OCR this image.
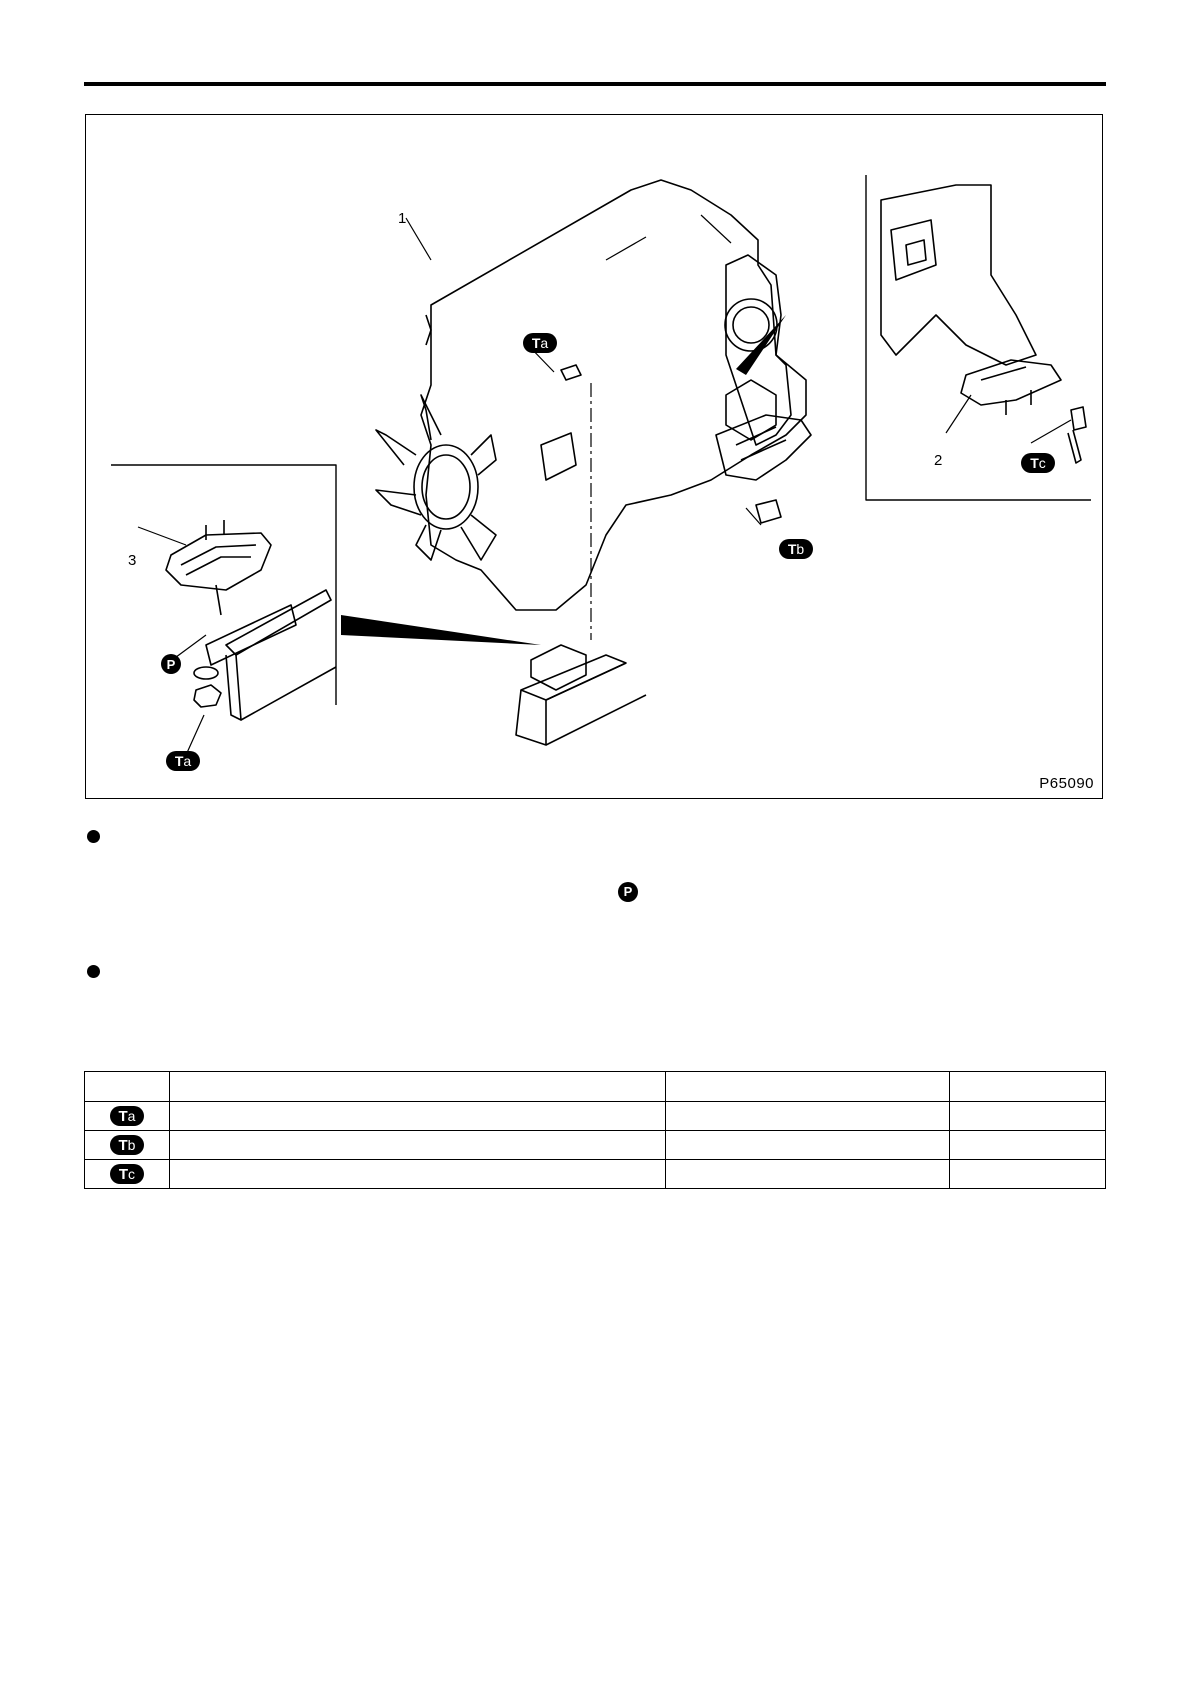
1
2
3
Ta
Tb
Tc
Ta
P
P65090
P

Ta			
Tb			
Tc			
